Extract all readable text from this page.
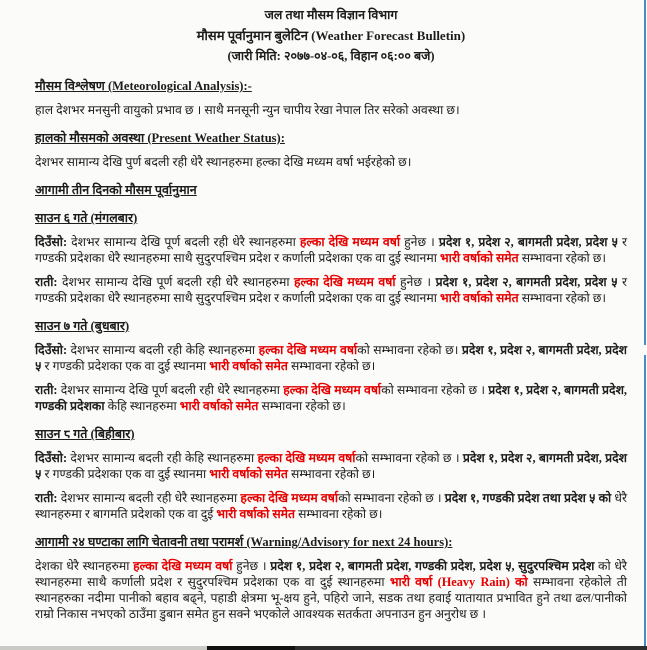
जल तथा मौसम विज्ञान विभाग
मौसम पूर्वानुमान बुलेटिन (Weather Forecast Bulletin)
(जारी मिति: २०७७-०४-०६, विहान ०६:०० बजे)
मौसम विश्लेषण (Meteorological Analysis):-
हाल देशभर मनसुनी वायुको प्रभाव छ । साथै मनसूनी न्युन चापीय रेखा नेपाल तिर सरेको अवस्था छ।
हालको मौसमको अवस्था (Present Weather Status):
देशभर सामान्य देखि पुर्ण बदली रही धेरै स्थानहरुमा हल्का देखि मध्यम वर्षा भईरहेको छ।
आगामी तीन दिनको मौसम पूर्वानुमान
साउन ६ गते (मंगलबार)
दिउँसो: देशभर सामान्य देखि पूर्ण बदली रही धेरै स्थानहरुमा हल्का देखि मध्यम वर्षा हुनेछ । प्रदेश १, प्रदेश २, बागमती प्रदेश, प्रदेश ५ र गण्डकी प्रदेशका धेरै स्थानहरुमा साथै सुदुरपश्चिम प्रदेश र कर्णाली प्रदेशका एक वा दुई स्थानमा भारी वर्षाको समेत सम्भावना रहेको छ।
राती: देशभर सामान्य देखि पूर्ण बदली रही धेरै स्थानहरुमा हल्का देखि मध्यम वर्षा हुनेछ । प्रदेश १, प्रदेश २, बागमती प्रदेश, प्रदेश ५ र गण्डकी प्रदेशका धेरै स्थानहरुमा साथै सुदुरपश्चिम प्रदेश र कर्णाली प्रदेशका एक वा दुई स्थानमा भारी वर्षाको समेत सम्भावना रहेको छ।
साउन ७ गते (बुधबार)
दिउँसो: देशभर सामान्य बदली रही केहि स्थानहरुमा हल्का देखि मध्यम वर्षाको सम्भावना रहेको छ। प्रदेश १, प्रदेश २, बागमती प्रदेश, प्रदेश ५ र गण्डकी प्रदेशका एक वा दुई स्थानमा भारी वर्षाको समेत सम्भावना रहेको छ।
राती: देशभर सामान्य देखि पूर्ण बदली रही धेरै स्थानहरुमा हल्का देखि मध्यम वर्षाको सम्भावना रहेको छ । प्रदेश १, प्रदेश २, बागमती प्रदेश, गण्डकी प्रदेशका केहि स्थानहरुमा भारी वर्षाको समेत सम्भावना रहेको छ।
साउन ८ गते (बिहीबार)
दिउँसो: देशभर सामान्य बदली रही केहि स्थानहरुमा हल्का देखि मध्यम वर्षाको सम्भावना रहेको छ । प्रदेश १, प्रदेश २, बागमती प्रदेश, प्रदेश ५ र गण्डकी प्रदेशका एक वा दुई स्थानमा भारी वर्षाको समेत सम्भावना रहेको छ।
राती: देशभर सामान्य बदली रही धेरै स्थानहरुमा हल्का देखि मध्यम वर्षाको सम्भावना रहेको छ । प्रदेश १, गण्डकी प्रदेश तथा प्रदेश ५ को धेरै स्थानहरुमा र बागमति प्रदेशको एक वा दुई भारी वर्षाको समेत सम्भावना रहेको छ।
आगामी २४ घण्टाका लागि चेतावनी तथा परामर्श (Warning/Advisory for next 24 hours):
देशका धेरै स्थानहरुमा हल्का देखि मध्यम वर्षा हुनेछ । प्रदेश १, प्रदेश २, बागमती प्रदेश, गण्डकी प्रदेश, प्रदेश ५, सुदुरपश्चिम प्रदेश को धेरै स्थानहरुमा साथै कर्णाली प्रदेश र सुदुरपश्चिम प्रदेशका एक वा दुई स्थानहरुमा भारी वर्षा (Heavy Rain) को सम्भावना रहेकोले ती स्थानहरुका नदीमा पानीको बहाव बढ्ने, पहाडी क्षेत्रमा भू-क्षय हुने, पहिरो जाने, सडक तथा हवाई यातायात प्रभावित हुने तथा ढल/पानीको राम्रो निकास नभएको ठाउँमा डुबान समेत हुन सक्ने भएकोले आवश्यक सतर्कता अपनाउन हुन अनुरोध छ ।
